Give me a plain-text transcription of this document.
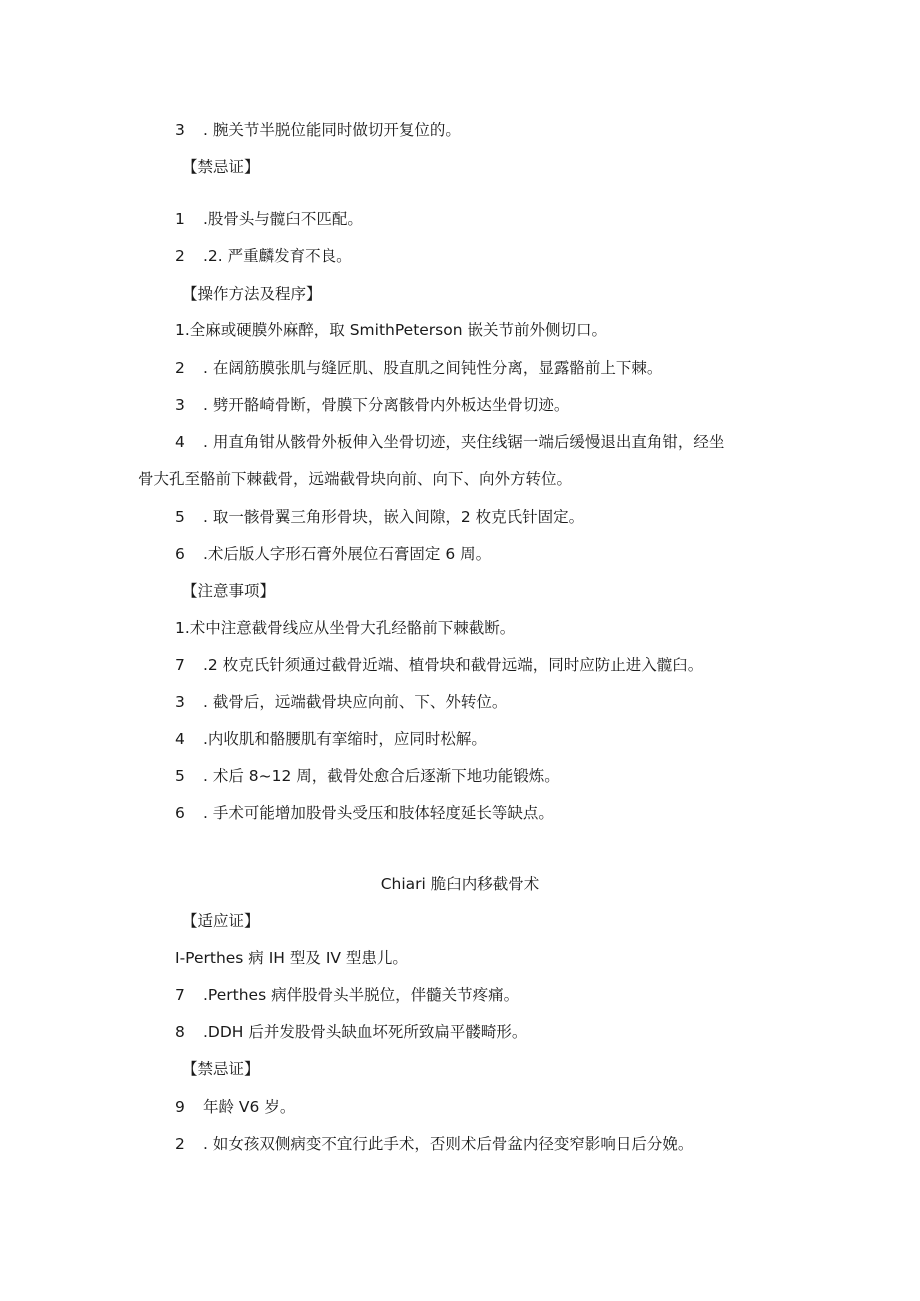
3 . 腕关节半脱位能同时做切开复位的。
【禁忌证】
1 .股骨头与髋臼不匹配。
2 .2. 严重麟发育不良。
【操作方法及程序】
1.全麻或硬膜外麻醉，取 SmithPeterson 嵌关节前外侧切口。
2 . 在阔筋膜张肌与缝匠肌、股直肌之间钝性分离，显露骼前上下棘。
3 . 劈开骼崎骨断，骨膜下分离骸骨内外板达坐骨切迹。
4 . 用直角钳从骸骨外板伸入坐骨切迹，夹住线锯一端后缓慢退出直角钳，经坐
骨大孔至骼前下棘截骨，远端截骨块向前、向下、向外方转位。
5 . 取一骸骨翼三角形骨块，嵌入间隙，2 枚克氏针固定。
6 .术后版人字形石膏外展位石膏固定 6 周。
【注意事项】
1.术中注意截骨线应从坐骨大孔经骼前下棘截断。
7 .2 枚克氏针须通过截骨近端、植骨块和截骨远端，同时应防止进入髋臼。
3 . 截骨后，远端截骨块应向前、下、外转位。
4 .内收肌和骼腰肌有挛缩时，应同时松解。
5 . 术后 8~12 周，截骨处愈合后逐渐下地功能锻炼。
6 . 手术可能增加股骨头受压和肢体轻度延长等缺点。
Chiari 脆臼内移截骨术
【适应证】
I-Perthes 病 IH 型及 IV 型患儿。
7 .Perthes 病伴股骨头半脱位，伴髓关节疼痛。
8 .DDH 后并发股骨头缺血坏死所致扁平髅畸形。
【禁忌证】
9 年龄 V6 岁。
2 . 如女孩双侧病变不宜行此手术，否则术后骨盆内径变窄影响日后分娩。
